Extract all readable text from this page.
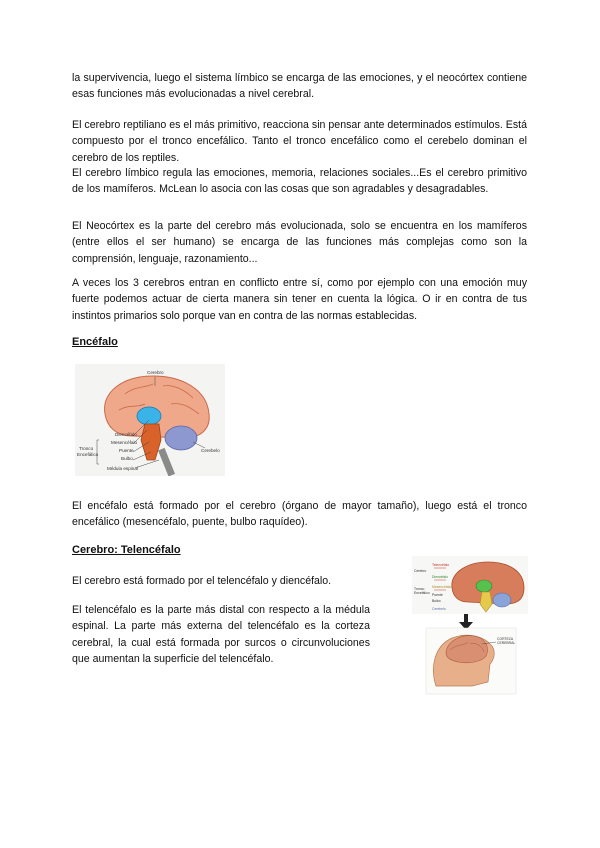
la supervivencia, luego el sistema límbico se encarga de las emociones, y el neocórtex contiene esas funciones más evolucionadas a nivel cerebral.

El cerebro reptiliano es el más primitivo, reacciona sin pensar ante determinados estímulos. Está compuesto por el tronco encefálico. Tanto el tronco encefálico como el cerebelo dominan el cerebro de los reptiles.

El cerebro límbico regula las emociones, memoria, relaciones sociales...Es el cerebro primitivo de los mamíferos. McLean lo asocia con las cosas que son agradables y desagradables.

El Neocórtex es la parte del cerebro más evolucionada, solo se encuentra en los mamíferos (entre ellos el ser humano) se encarga de las funciones más complejas como son la comprensión, lenguaje, razonamiento...

A veces los 3 cerebros entran en conflicto entre sí, como por ejemplo con una emoción muy fuerte podemos actuar de cierta manera sin tener en cuenta la lógica. O ir en contra de tus instintos primarios solo porque van en contra de las normas establecidas.

Encéfalo

Cerebro
Diencéfalo
Mesencéfalo
Puente
Bulbo
Médula espinal
Cerebelo
Tronco
Encefálico

El encéfalo está formado por el cerebro (órgano de mayor tamaño), luego está el tronco encefálico (mesencéfalo, puente, bulbo raquídeo).

Cerebro: Telencéfalo

El cerebro está formado por el telencéfalo y diencéfalo.

El telencéfalo es la parte más distal con respecto a la médula espinal. La parte más externa del telencéfalo es la corteza cerebral, la cual está formada por surcos o circunvoluciones que aumentan la superficie del telencéfalo.

Telencéfalo
Diencéfalo
Cerebro
Mesencéfalo
Tronco
Encefálico Puente
Bulbo
Cerebelo
CORTEZA
CEREBRAL
